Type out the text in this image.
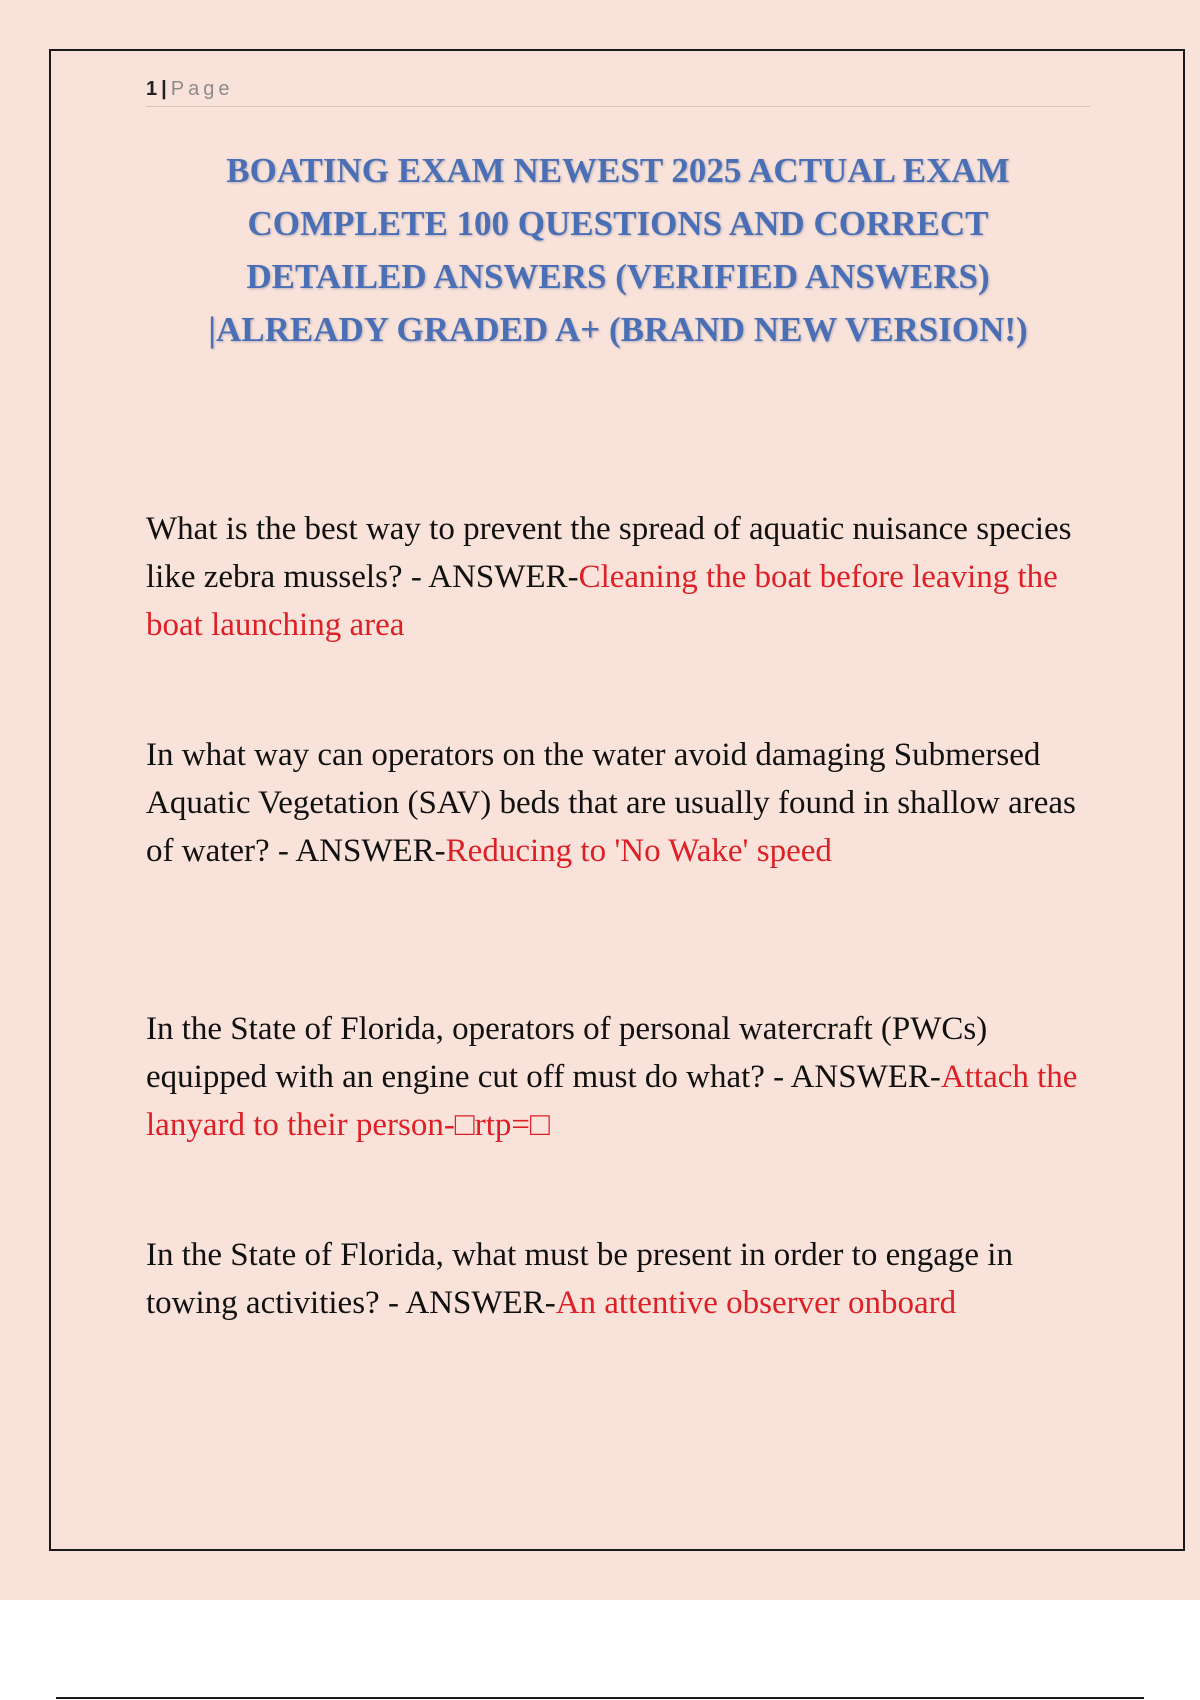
1 | Page
BOATING EXAM NEWEST 2025 ACTUAL EXAM
COMPLETE 100 QUESTIONS AND CORRECT
DETAILED ANSWERS (VERIFIED ANSWERS)
|ALREADY GRADED A+ (BRAND NEW VERSION!)
What is the best way to prevent the spread of aquatic nuisance species like zebra mussels? - ANSWER-Cleaning the boat before leaving the boat launching area
In what way can operators on the water avoid damaging Submersed Aquatic Vegetation (SAV) beds that are usually found in shallow areas of water? - ANSWER-Reducing to 'No Wake' speed
In the State of Florida, operators of personal watercraft (PWCs) equipped with an engine cut off must do what? - ANSWER-Attach the lanyard to their person-□rtp=□
In the State of Florida, what must be present in order to engage in towing activities? - ANSWER-An attentive observer onboard
